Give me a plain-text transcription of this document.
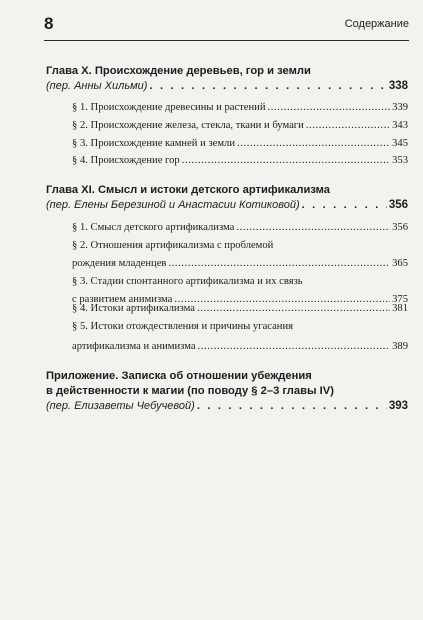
8	Содержание
Глава X. Происхождение деревьев, гор и земли
(пер. Анны Хильми) . . .	338
§ 1. Происхождение древесины и растений .....	339
§ 2. Происхождение железа, стекла, ткани и бумаги .....	343
§ 3. Происхождение камней и земли .....	345
§ 4. Происхождение гор .....	353
Глава XI. Смысл и истоки детского артификализма
(пер. Елены Березиной и Анастасии Котиковой) . . .	356
§ 1. Смысл детского артификализма .....	356
§ 2. Отношения артификализма с проблемой
рождения младенцев .....	365
§ 3. Стадии спонтанного артификализма и их связь
с развитием анимизма .....	375
§ 4. Истоки артификализма .....	381
§ 5. Истоки отождествления и причины угасания
артификализма и анимизма .....	389
Приложение. Записка об отношении убеждения
в действенности к магии (по поводу § 2–3 главы IV)
(пер. Елизаветы Чебучевой) . . .	393
